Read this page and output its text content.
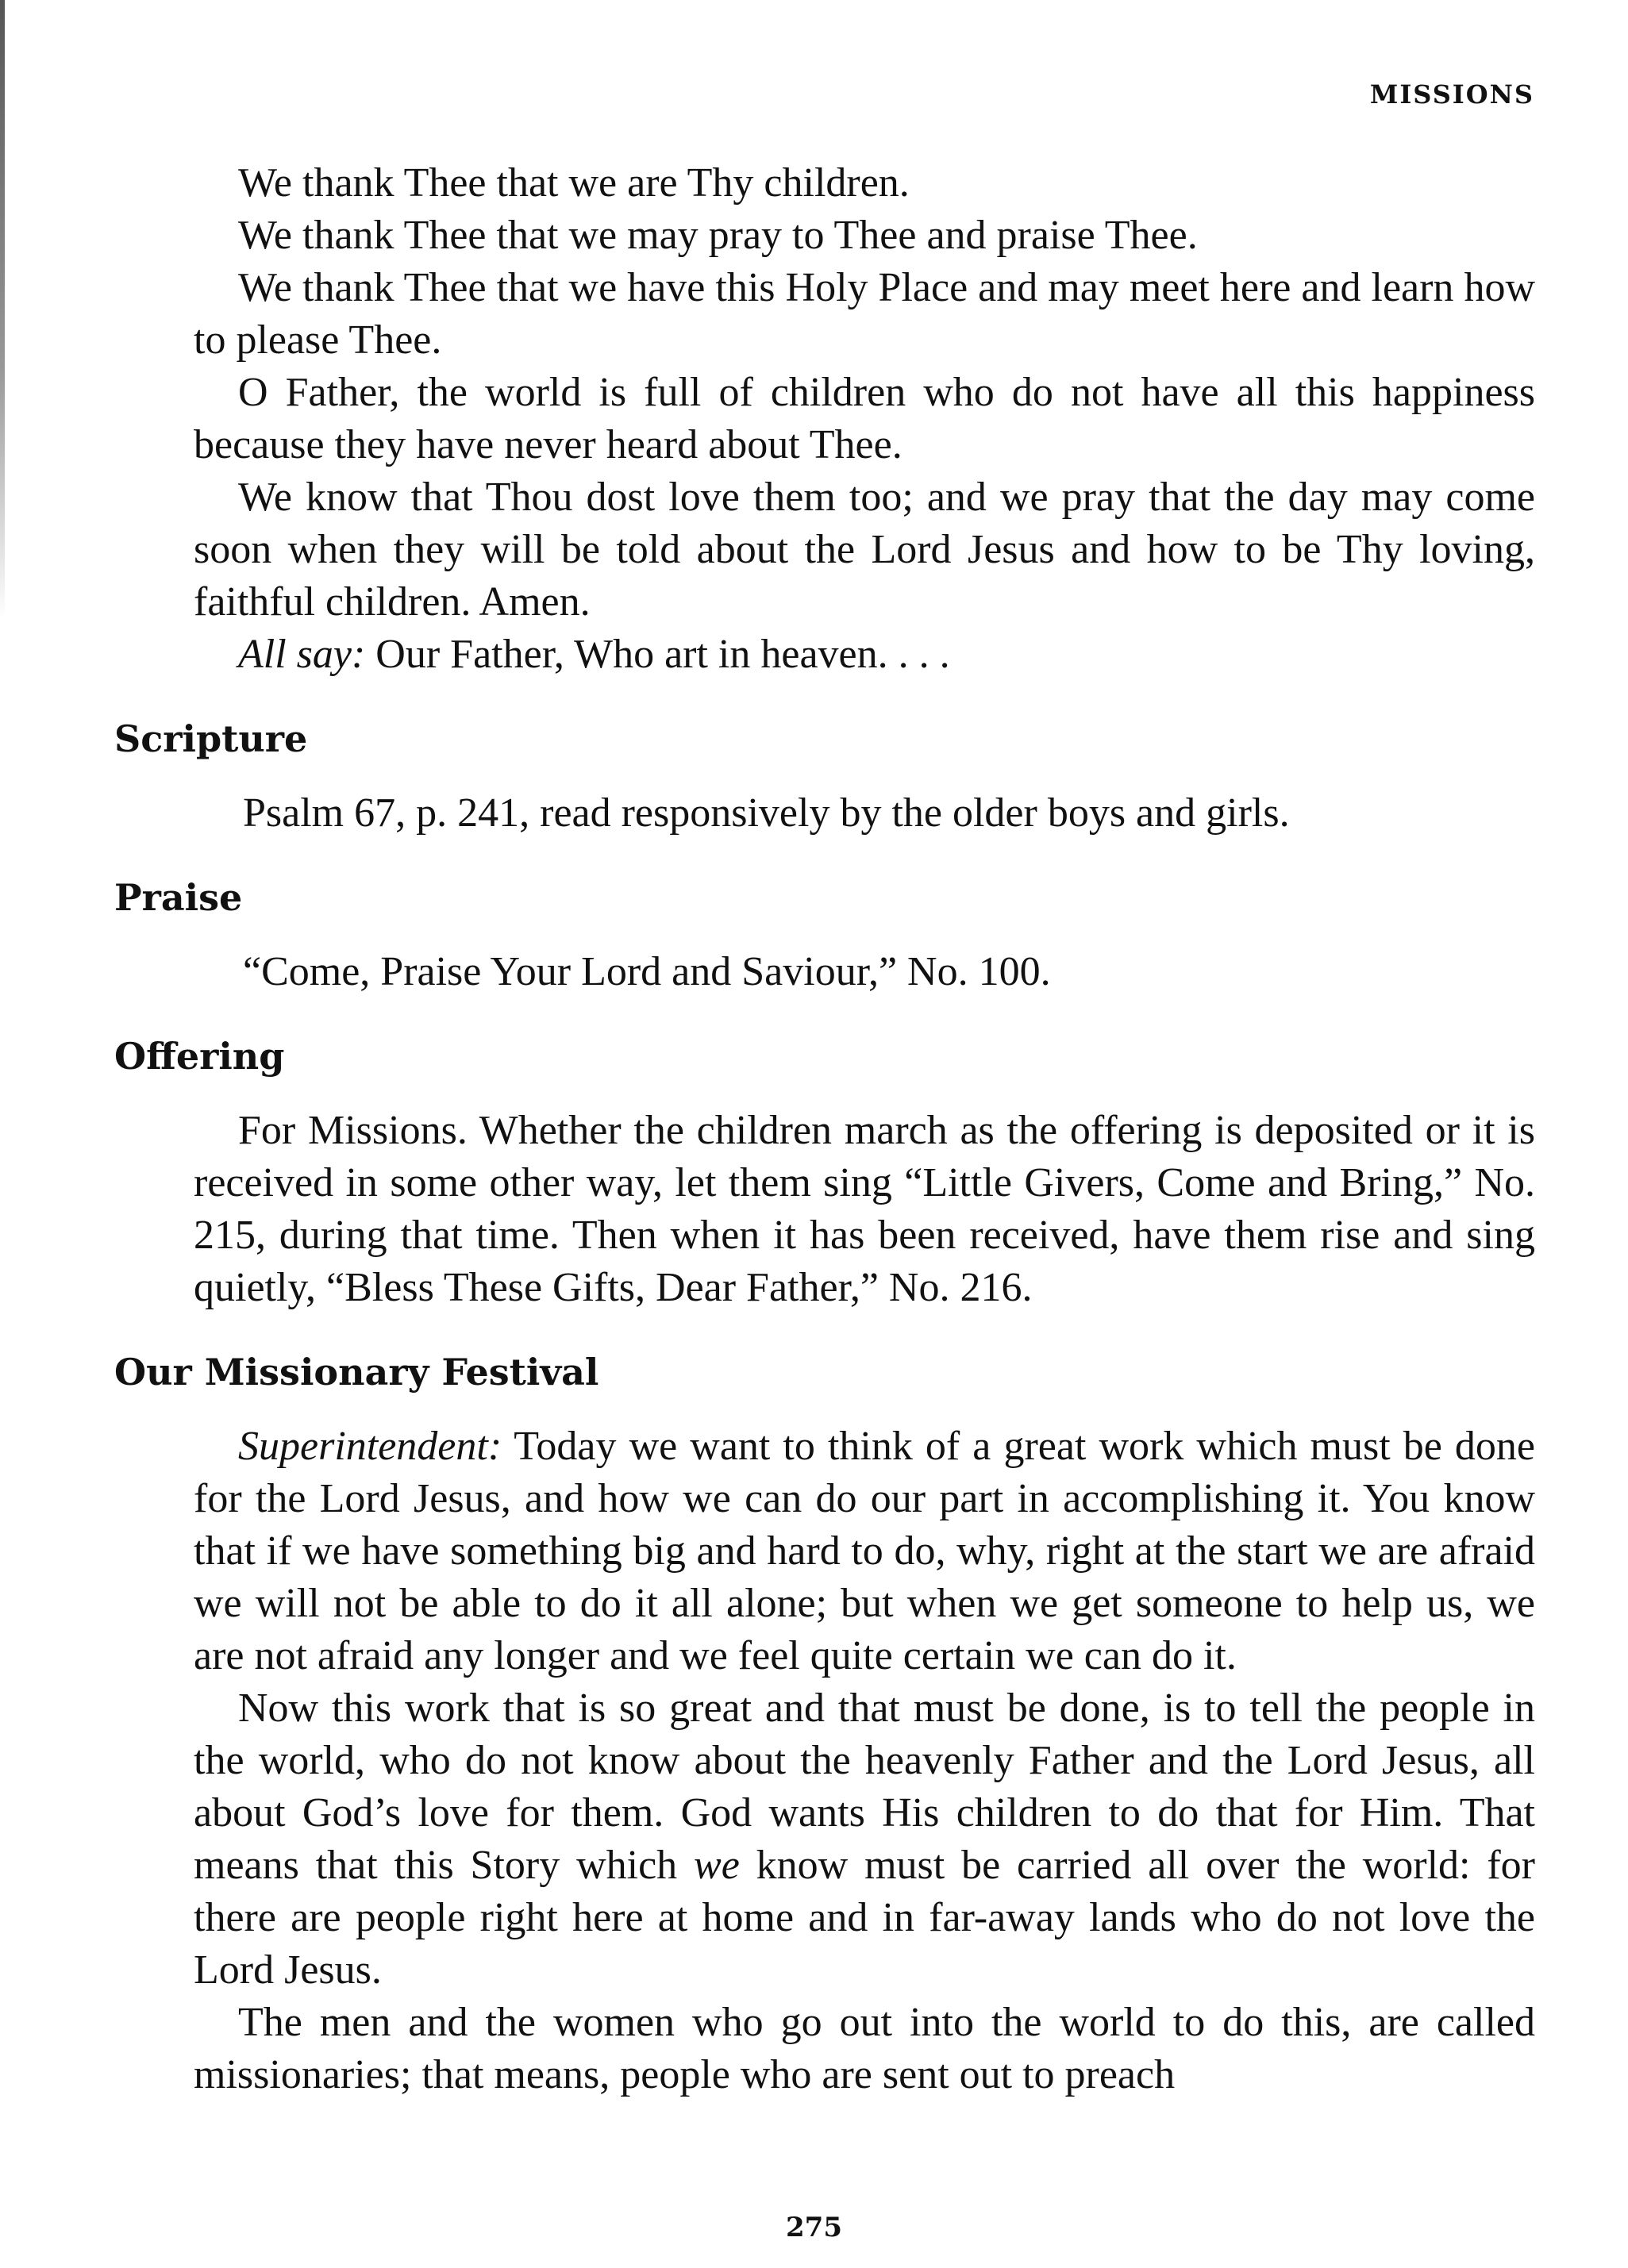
MISSIONS

We thank Thee that we are Thy children.

We thank Thee that we may pray to Thee and praise Thee.

We thank Thee that we have this Holy Place and may meet here and learn how to please Thee.

O Father, the world is full of children who do not have all this happiness because they have never heard about Thee.

We know that Thou dost love them too; and we pray that the day may come soon when they will be told about the Lord Jesus and how to be Thy loving, faithful children. Amen.

All say: Our Father, Who art in heaven. . . .

Scripture

Psalm 67, p. 241, read responsively by the older boys and girls.

Praise

“Come, Praise Your Lord and Saviour,” No. 100.

Offering

For Missions. Whether the children march as the offering is deposited or it is received in some other way, let them sing “Little Givers, Come and Bring,” No. 215, during that time. Then when it has been received, have them rise and sing quietly, “Bless These Gifts, Dear Father,” No. 216.

Our Missionary Festival

Superintendent: Today we want to think of a great work which must be done for the Lord Jesus, and how we can do our part in accomplishing it. You know that if we have something big and hard to do, why, right at the start we are afraid we will not be able to do it all alone; but when we get someone to help us, we are not afraid any longer and we feel quite certain we can do it.

Now this work that is so great and that must be done, is to tell the people in the world, who do not know about the heavenly Father and the Lord Jesus, all about God’s love for them. God wants His children to do that for Him. That means that this Story which we know must be carried all over the world: for there are people right here at home and in far-away lands who do not love the Lord Jesus.

The men and the women who go out into the world to do this, are called missionaries; that means, people who are sent out to preach

275
